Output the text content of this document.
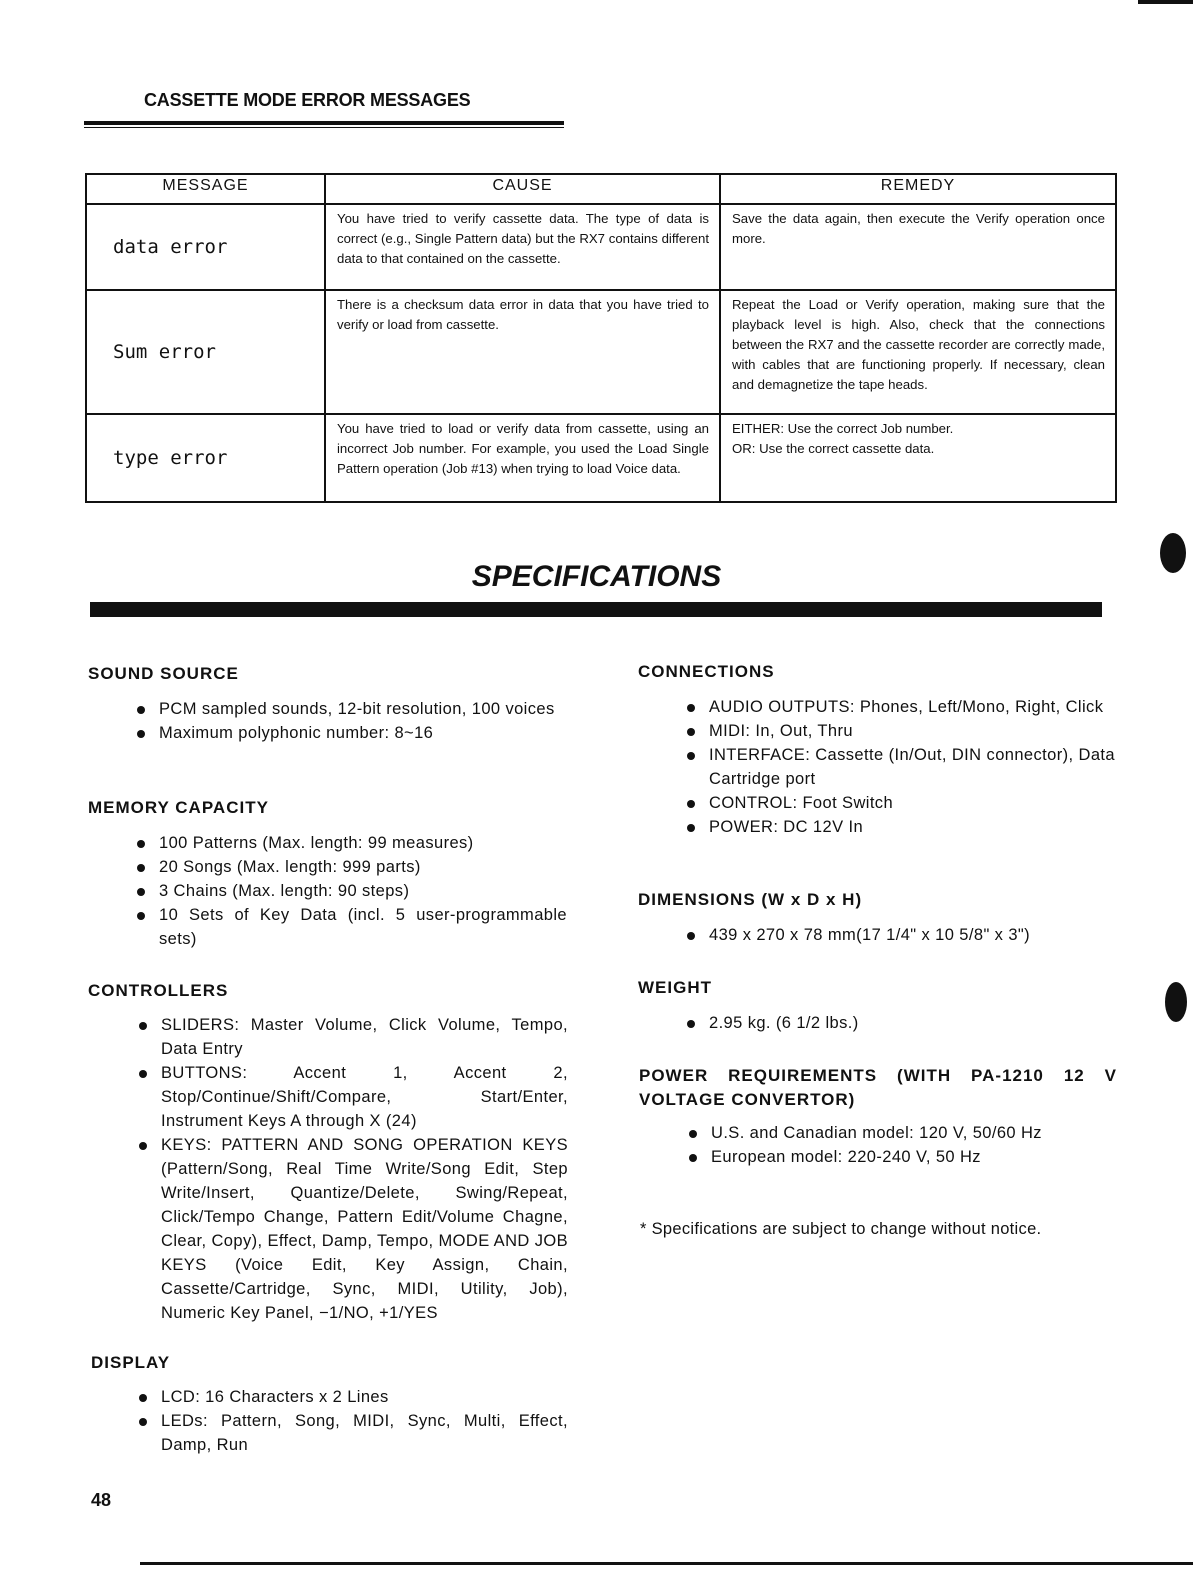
CASSETTE MODE ERROR MESSAGES
MESSAGE	CAUSE	REMEDY
data error	You have tried to verify cassette data. The type of data is correct (e.g., Single Pattern data) but the RX7 contains different data to that contained on the cassette.	Save the data again, then execute the Verify operation once more.
Sum error	There is a checksum data error in data that you have tried to verify or load from cassette.	Repeat the Load or Verify operation, making sure that the playback level is high. Also, check that the connections between the RX7 and the cassette recorder are correctly made, with cables that are functioning properly. If necessary, clean and demagnetize the tape heads.
type error	You have tried to load or verify data from cassette, using an incorrect Job number. For example, you used the Load Single Pattern operation (Job #13) when trying to load Voice data.	EITHER: Use the correct Job number.
OR: Use the correct cassette data.
SPECIFICATIONS
SOUND SOURCE
PCM sampled sounds, 12-bit resolution, 100 voices
Maximum polyphonic number: 8~16
MEMORY CAPACITY
100 Patterns (Max. length: 99 measures)
20 Songs (Max. length: 999 parts)
3 Chains (Max. length: 90 steps)
10 Sets of Key Data (incl. 5 user-programmable sets)
CONTROLLERS
SLIDERS: Master Volume, Click Volume, Tempo, Data Entry
BUTTONS: Accent 1, Accent 2, Stop/Continue/Shift/Compare, Start/Enter, Instrument Keys A through X (24)
KEYS: PATTERN AND SONG OPERATION KEYS (Pattern/Song, Real Time Write/Song Edit, Step Write/Insert, Quantize/Delete, Swing/Repeat, Click/Tempo Change, Pattern Edit/Volume Chagne, Clear, Copy), Effect, Damp, Tempo, MODE AND JOB KEYS (Voice Edit, Key Assign, Chain, Cassette/Cartridge, Sync, MIDI, Utility, Job), Numeric Key Panel, −1/NO, +1/YES
DISPLAY
LCD: 16 Characters x 2 Lines
LEDs: Pattern, Song, MIDI, Sync, Multi, Effect, Damp, Run
CONNECTIONS
AUDIO OUTPUTS: Phones, Left/Mono, Right, Click
MIDI: In, Out, Thru
INTERFACE: Cassette (In/Out, DIN connector), Data Cartridge port
CONTROL: Foot Switch
POWER: DC 12V In
DIMENSIONS (W x D x H)
439 x 270 x 78 mm(17 1/4" x 10 5/8" x 3")
WEIGHT
2.95 kg. (6 1/2 lbs.)
POWER REQUIREMENTS (WITH PA-1210 12 V VOLTAGE CONVERTOR)
U.S. and Canadian model: 120 V, 50/60 Hz
European model: 220-240 V, 50 Hz
* Specifications are subject to change without notice.
48
